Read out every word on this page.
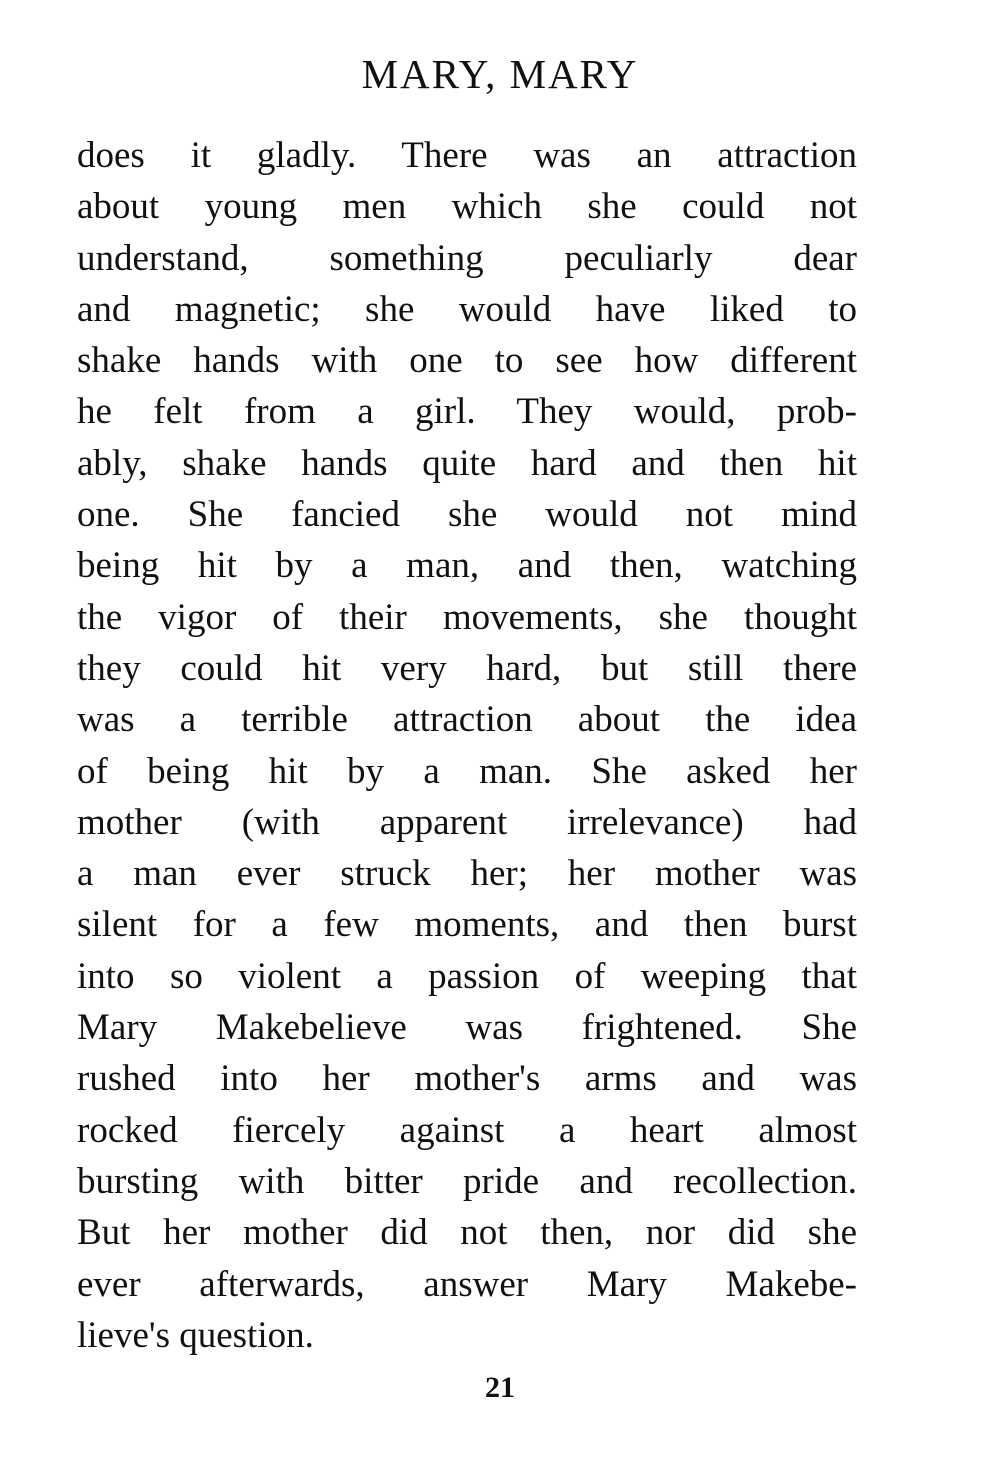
MARY, MARY
does it gladly. There was an attraction
about young men which she could not
understand, something peculiarly dear
and magnetic; she would have liked to
shake hands with one to see how different
he felt from a girl. They would, prob-
ably, shake hands quite hard and then hit
one. She fancied she would not mind
being hit by a man, and then, watching
the vigor of their movements, she thought
they could hit very hard, but still there
was a terrible attraction about the idea
of being hit by a man. She asked her
mother (with apparent irrelevance) had
a man ever struck her; her mother was
silent for a few moments, and then burst
into so violent a passion of weeping that
Mary Makebelieve was frightened. She
rushed into her mother's arms and was
rocked fiercely against a heart almost
bursting with bitter pride and recollection.
But her mother did not then, nor did she
ever afterwards, answer Mary Makebe-
lieve's question.
21
